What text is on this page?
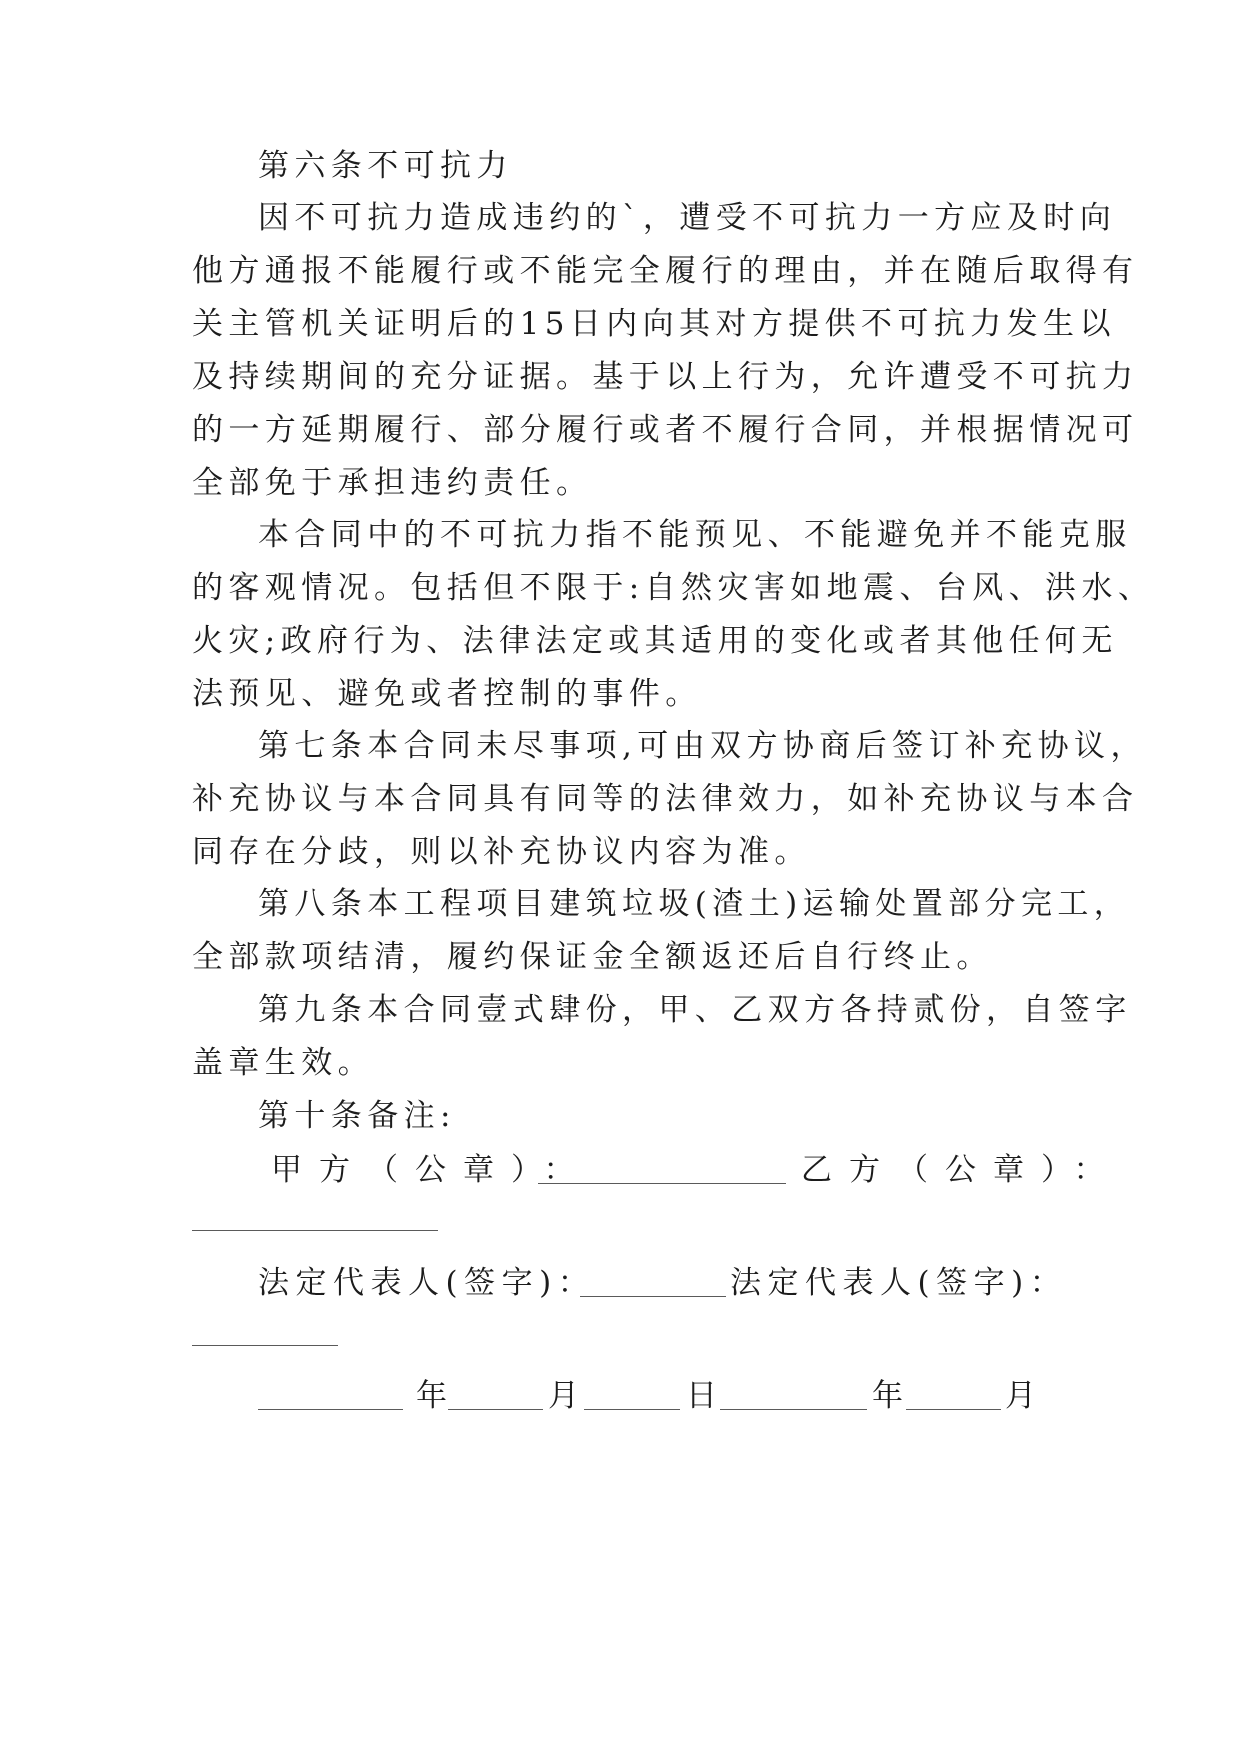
第六条不可抗力
因不可抗力造成违约的`，遭受不可抗力一方应及时向
他方通报不能履行或不能完全履行的理由，并在随后取得有
关主管机关证明后的15日内向其对方提供不可抗力发生以
及持续期间的充分证据。基于以上行为，允许遭受不可抗力
的一方延期履行、部分履行或者不履行合同，并根据情况可
全部免于承担违约责任。
本合同中的不可抗力指不能预见、不能避免并不能克服
的客观情况。包括但不限于:自然灾害如地震、台风、洪水、
火灾;政府行为、法律法定或其适用的变化或者其他任何无
法预见、避免或者控制的事件。
第七条本合同未尽事项,可由双方协商后签订补充协议，
补充协议与本合同具有同等的法律效力，如补充协议与本合
同存在分歧，则以补充协议内容为准。
第八条本工程项目建筑垃圾(渣土)运输处置部分完工，
全部款项结清，履约保证金全额返还后自行终止。
第九条本合同壹式肆份，甲、乙双方各持贰份，自签字
盖章生效。
第十条备注:
甲方（公章）：	乙方（公章）：
法定代表人(签字)：	法定代表人(签字)：
年	月	日	年	月
